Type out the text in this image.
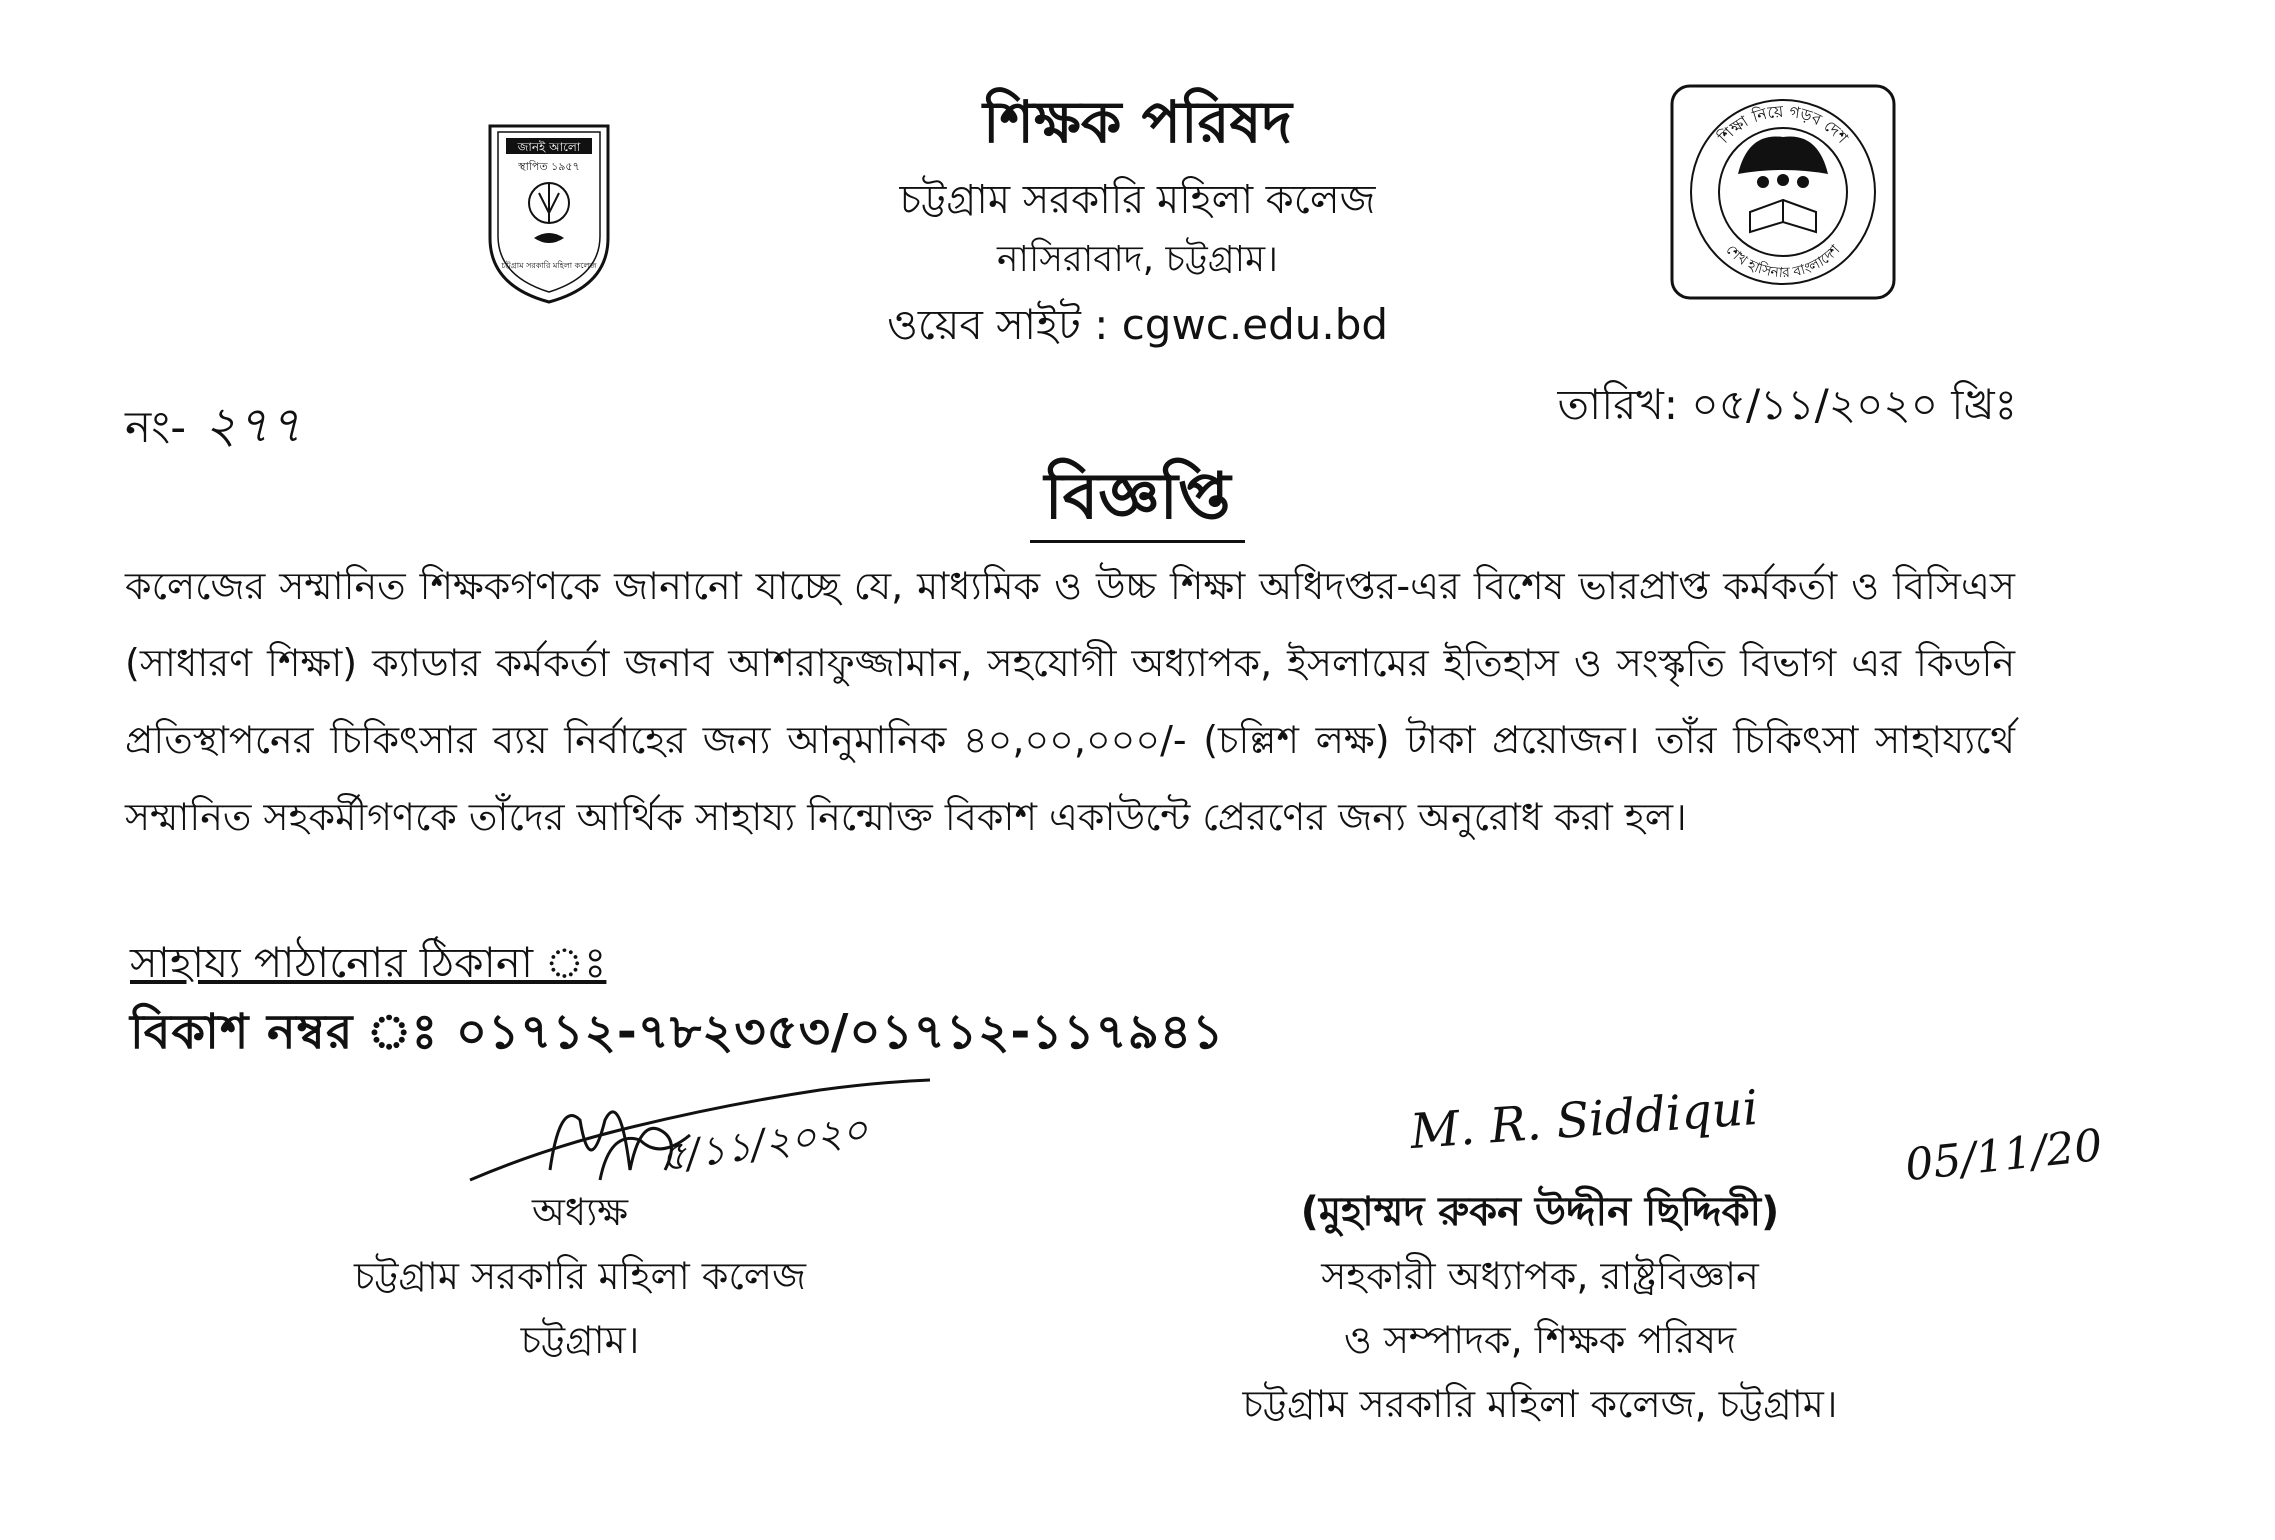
জানই আলো
স্থাপিত ১৯৫৭
চট্টগ্রাম সরকারি মহিলা কলেজ
শিক্ষা নিয়ে গড়ব দেশ
শেখ হাসিনার বাংলাদেশ
শিক্ষক পরিষদ
চট্টগ্রাম সরকারি মহিলা কলেজ
নাসিরাবাদ, চট্টগ্রাম।
ওয়েব সাইট : cgwc.edu.bd
নং- ২৭৭	তারিখ: ০৫/১১/২০২০ খ্রিঃ
বিজ্ঞপ্তি
কলেজের সম্মানিত শিক্ষকগণকে জানানো যাচ্ছে যে, মাধ্যমিক ও উচ্চ শিক্ষা অধিদপ্তর-এর বিশেষ ভারপ্রাপ্ত কর্মকর্তা ও বিসিএস (সাধারণ শিক্ষা) ক্যাডার কর্মকর্তা জনাব আশরাফুজ্জামান, সহযোগী অধ্যাপক, ইসলামের ইতিহাস ও সংস্কৃতি বিভাগ এর কিডনি প্রতিস্থাপনের চিকিৎসার ব্যয় নির্বাহের জন্য আনুমানিক ৪০,০০,০০০/- (চল্লিশ লক্ষ) টাকা প্রয়োজন। তাঁর চিকিৎসা সাহায্যর্থে সম্মানিত সহকর্মীগণকে তাঁদের আর্থিক সাহায্য নিন্মোক্ত বিকাশ একাউন্টে প্রেরণের জন্য অনুরোধ করা হল।
সাহায্য পাঠানোর ঠিকানা ঃ
বিকাশ নম্বর ঃ ০১৭১২-৭৮২৩৫৩/০১৭১২-১১৭৯৪১
৫/১১/২০২০
অধ্যক্ষ
চট্টগ্রাম সরকারি মহিলা কলেজ
চট্টগ্রাম।
M. R. Siddiqui	05/11/20
(মুহাম্মদ রুকন উদ্দীন ছিদ্দিকী)
সহকারী অধ্যাপক, রাষ্ট্রবিজ্ঞান
ও সম্পাদক, শিক্ষক পরিষদ
চট্টগ্রাম সরকারি মহিলা কলেজ, চট্টগ্রাম।
